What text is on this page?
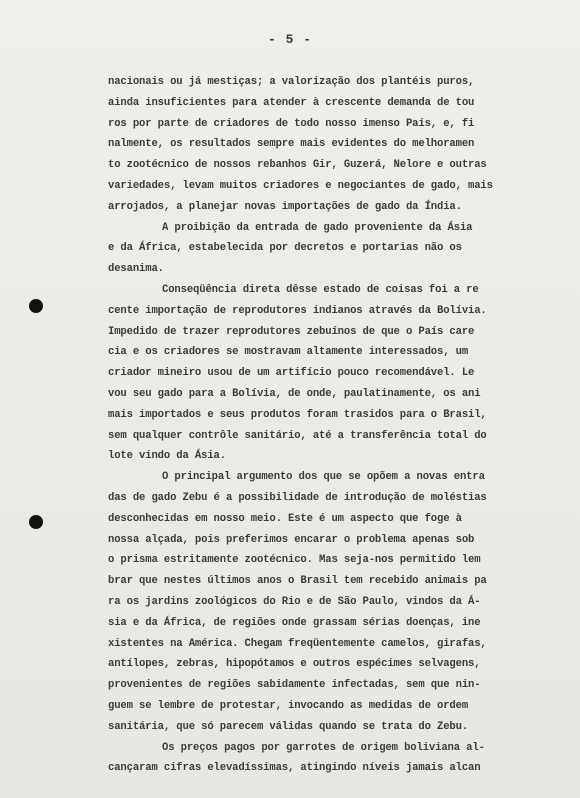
- 5 -
nacionais ou já mestiças; a valorização dos plantéis puros,
ainda insuficientes para atender à crescente demanda de tou
ros por parte de criadores de todo nosso imenso País, e, fi
nalmente, os resultados sempre mais evidentes do melhoramen
to zootécnico de nossos rebanhos Gir, Guzerá, Nelore e outras
variedades, levam muitos criadores e negociantes de gado, mais
arrojados, a planejar novas importações de gado da Índia.
A proibição da entrada de gado proveniente da Ásia
e da África, estabelecida por decretos e portarias não os
desanima.
Conseqüência direta dêsse estado de coisas foi a re
cente importação de reprodutores indianos através da Bolívia.
Impedido de trazer reprodutores zebuínos de que o País care
cia e os criadores se mostravam altamente interessados, um
criador mineiro usou de um artifício pouco recomendável. Le
vou seu gado para a Bolívia, de onde, paulatinamente, os ani
mais importados e seus produtos foram trasidos para o Brasil,
sem qualquer contrôle sanitário, até a transferência total do
lote vindo da Ásia.
O principal argumento dos que se opõem a novas entra
das de gado Zebu é a possibilidade de introdução de moléstias
desconhecidas em nosso meio. Este é um aspecto que foge à
nossa alçada, pois preferimos encarar o problema apenas sob
o prisma estritamente zootécnico. Mas seja-nos permitido lem
brar que nestes últimos anos o Brasil tem recebido animais pa
ra os jardins zoológicos do Rio e de São Paulo, vindos da Á-
sia e da África, de regiões onde grassam sérias doenças, ine
xistentes na América. Chegam freqüentemente camelos, girafas,
antílopes, zebras, hipopótamos e outros espécimes selvagens,
provenientes de regiões sabidamente infectadas, sem que nin-
guem se lembre de protestar, invocando as medidas de ordem
sanitária, que só parecem válidas quando se trata do Zebu.
Os preços pagos por garrotes de origem boliviana al-
cançaram cifras elevadíssimas, atingindo níveis jamais alcan
